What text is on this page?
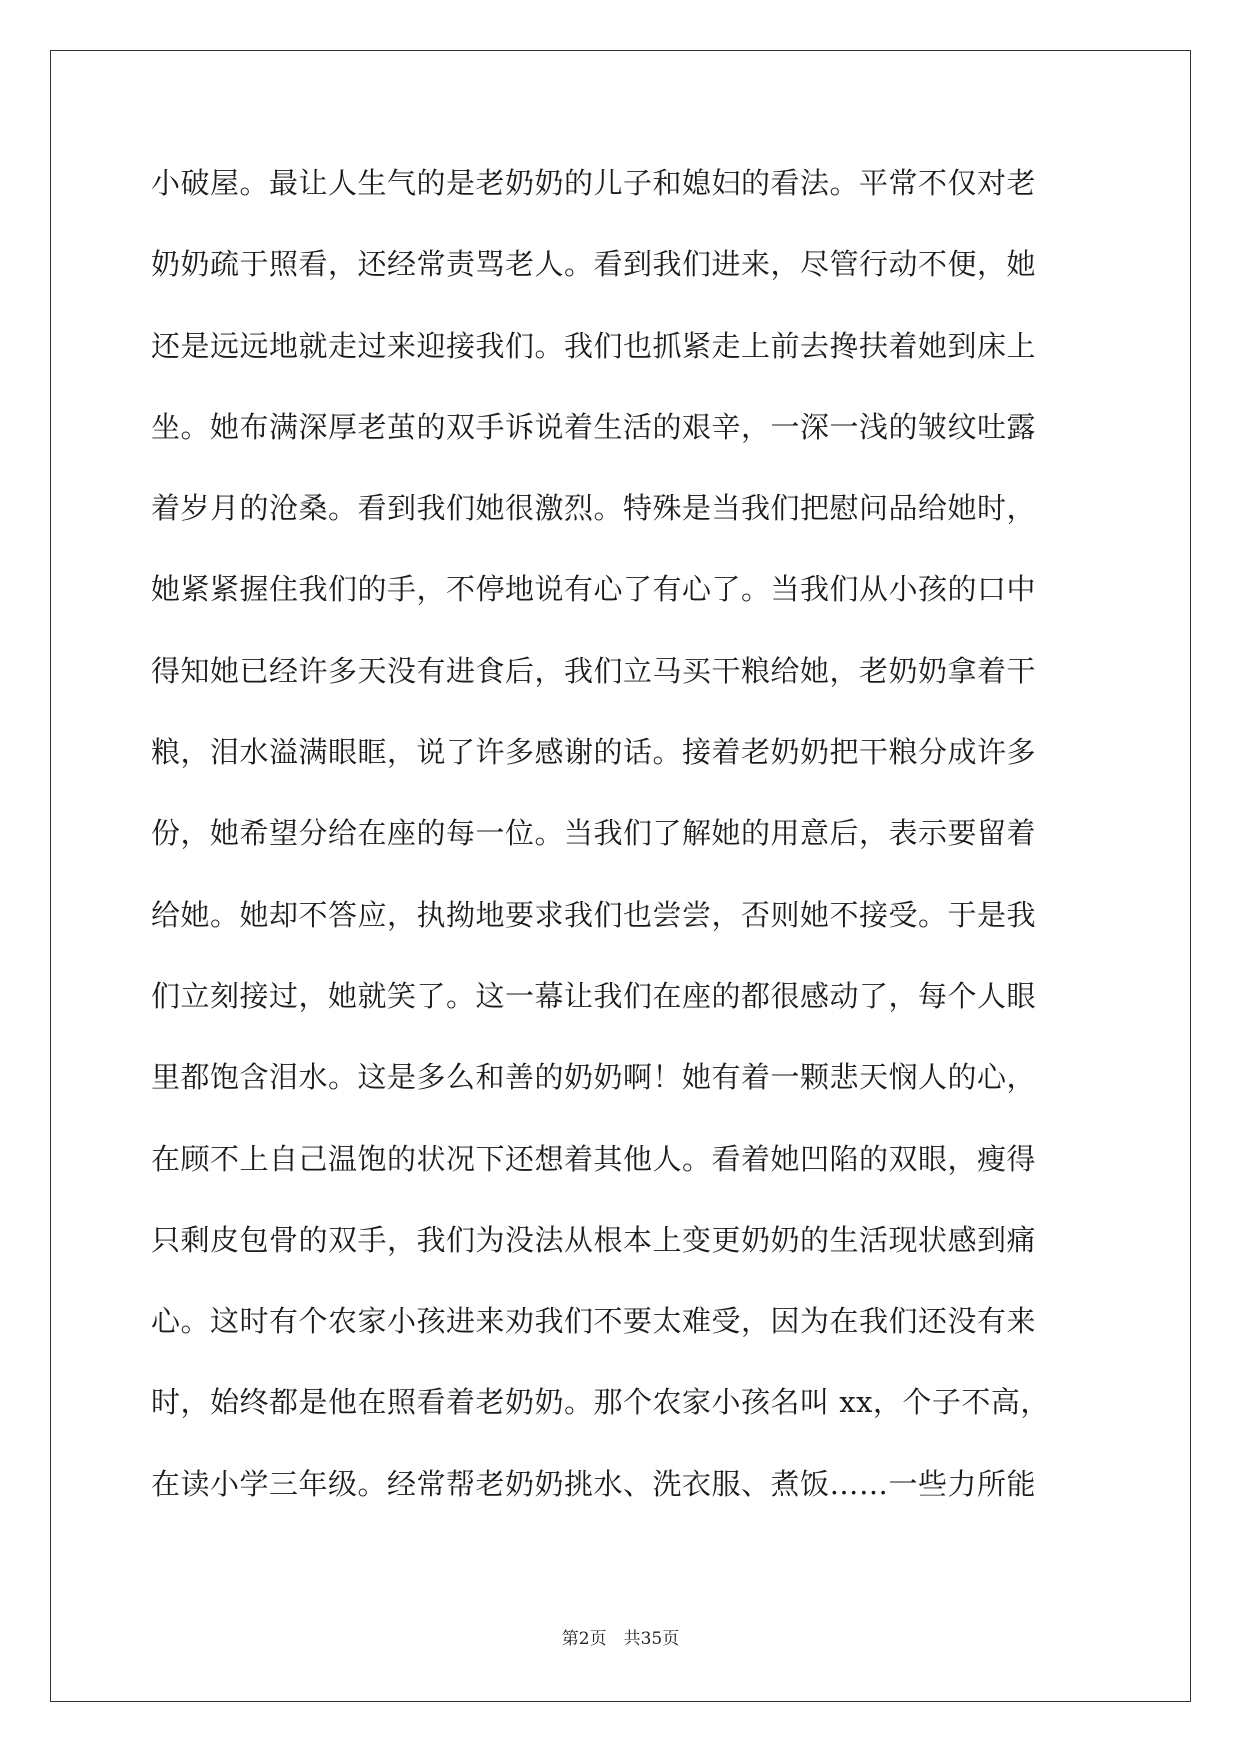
小破屋。最让人生气的是老奶奶的儿子和媳妇的看法。平常不仅对老
奶奶疏于照看，还经常责骂老人。看到我们进来，尽管行动不便，她
还是远远地就走过来迎接我们。我们也抓紧走上前去搀扶着她到床上
坐。她布满深厚老茧的双手诉说着生活的艰辛，一深一浅的皱纹吐露
着岁月的沧桑。看到我们她很激烈。特殊是当我们把慰问品给她时，
她紧紧握住我们的手，不停地说有心了有心了。当我们从小孩的口中
得知她已经许多天没有进食后，我们立马买干粮给她，老奶奶拿着干
粮，泪水溢满眼眶，说了许多感谢的话。接着老奶奶把干粮分成许多
份，她希望分给在座的每一位。当我们了解她的用意后，表示要留着
给她。她却不答应，执拗地要求我们也尝尝，否则她不接受。于是我
们立刻接过，她就笑了。这一幕让我们在座的都很感动了，每个人眼
里都饱含泪水。这是多么和善的奶奶啊！她有着一颗悲天悯人的心，
在顾不上自己温饱的状况下还想着其他人。看着她凹陷的双眼，瘦得
只剩皮包骨的双手，我们为没法从根本上变更奶奶的生活现状感到痛
心。这时有个农家小孩进来劝我们不要太难受，因为在我们还没有来
时，始终都是他在照看着老奶奶。那个农家小孩名叫 xx，个子不高，
在读小学三年级。经常帮老奶奶挑水、洗衣服、煮饭……一些力所能
第2页　共35页
